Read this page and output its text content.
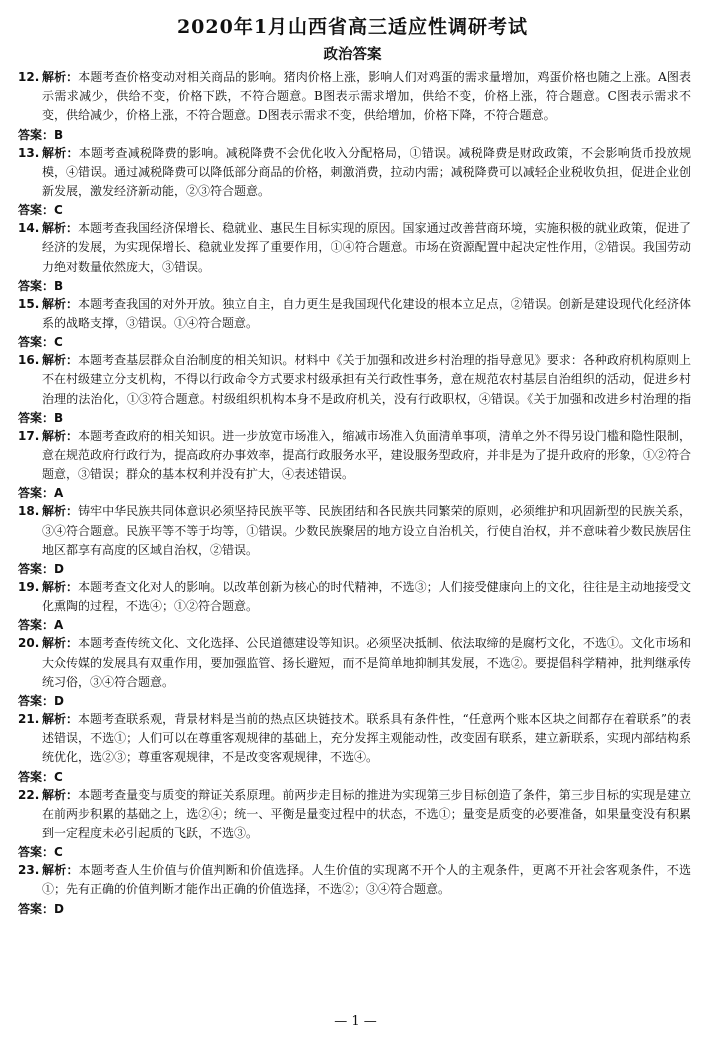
2020年1月山西省高三适应性调研考试
政治答案
12. 解析：本题考查价格变动对相关商品的影响。猪肉价格上涨，影响人们对鸡蛋的需求量增加，鸡蛋价格也随之上涨。A图表示需求减少，供给不变，价格下跌，不符合题意。B图表示需求增加，供给不变，价格上涨，符合题意。C图表示需求不变，供给减少，价格上涨，不符合题意。D图表示需求不变，供给增加，价格下降，不符合题意。

答案：B
13. 解析：本题考查减税降费的影响。减税降费不会优化收入分配格局，①错误。减税降费是财政政策，不会影响货币投放规模，④错误。通过减税降费可以降低部分商品的价格，刺激消费，拉动内需；减税降费可以减轻企业税收负担，促进企业创新发展，激发经济新动能，②③符合题意。

答案：C
14. 解析：本题考查我国经济保增长、稳就业、惠民生目标实现的原因。国家通过改善营商环境，实施积极的就业政策，促进了经济的发展，为实现保增长、稳就业发挥了重要作用，①④符合题意。市场在资源配置中起决定性作用，②错误。我国劳动力绝对数量依然庞大，③错误。

答案：B
15. 解析：本题考查我国的对外开放。独立自主，自力更生是我国现代化建设的根本立足点，②错误。创新是建设现代化经济体系的战略支撑，③错误。①④符合题意。

答案：C
16. 解析：本题考查基层群众自治制度的相关知识。材料中《关于加强和改进乡村治理的指导意见》要求：各种政府机构原则上不在村级建立分支机构，不得以行政命令方式要求村级承担有关行政性事务，意在规范农村基层自治组织的活动，促进乡村治理的法治化，①③符合题意。村级组织机构本身不是政府机关，没有行政职权，④错误。《关于加强和改进乡村治理的指

答案：B
17. 解析：本题考查政府的相关知识。进一步放宽市场准入，缩减市场准入负面清单事项，清单之外不得另设门槛和隐性限制，意在规范政府行政行为，提高政府办事效率，提高行政服务水平，建设服务型政府，并非是为了提升政府的形象，①②符合题意，③错误；群众的基本权利并没有扩大，④表述错误。

答案：A
18. 解析：铸牢中华民族共同体意识必须坚持民族平等、民族团结和各民族共同繁荣的原则，必须维护和巩固新型的民族关系，③④符合题意。民族平等不等于均等，①错误。少数民族聚居的地方设立自治机关，行使自治权，并不意味着少数民族居住地区都享有高度的区域自治权，②错误。

答案：D
19. 解析：本题考查文化对人的影响。以改革创新为核心的时代精神，不选③；人们接受健康向上的文化，往往是主动地接受文化熏陶的过程，不选④；①②符合题意。

答案：A
20. 解析：本题考查传统文化、文化选择、公民道德建设等知识。必须坚决抵制、依法取缔的是腐朽文化，不选①。文化市场和大众传媒的发展具有双重作用，要加强监管、扬长避短，而不是简单地抑制其发展，不选②。要提倡科学精神，批判继承传统习俗，③④符合题意。

答案：D
21. 解析：本题考查联系观，背景材料是当前的热点区块链技术。联系具有条件性，“任意两个账本区块之间都存在着联系”的表述错误，不选①；人们可以在尊重客观规律的基础上，充分发挥主观能动性，改变固有联系，建立新联系，实现内部结构系统优化，选②③；尊重客观规律，不是改变客观规律，不选④。

答案：C
22. 解析：本题考查量变与质变的辩证关系原理。前两步走目标的推进为实现第三步目标创造了条件，第三步目标的实现是建立在前两步积累的基础之上，选②④；统一、平衡是量变过程中的状态，不选①；量变是质变的必要准备，如果量变没有积累到一定程度未必引起质的飞跃，不选③。

答案：C
23. 解析：本题考查人生价值与价值判断和价值选择。人生价值的实现离不开个人的主观条件，更离不开社会客观条件，不选①；先有正确的价值判断才能作出正确的价值选择，不选②；③④符合题意。

答案：D
— 1 —
